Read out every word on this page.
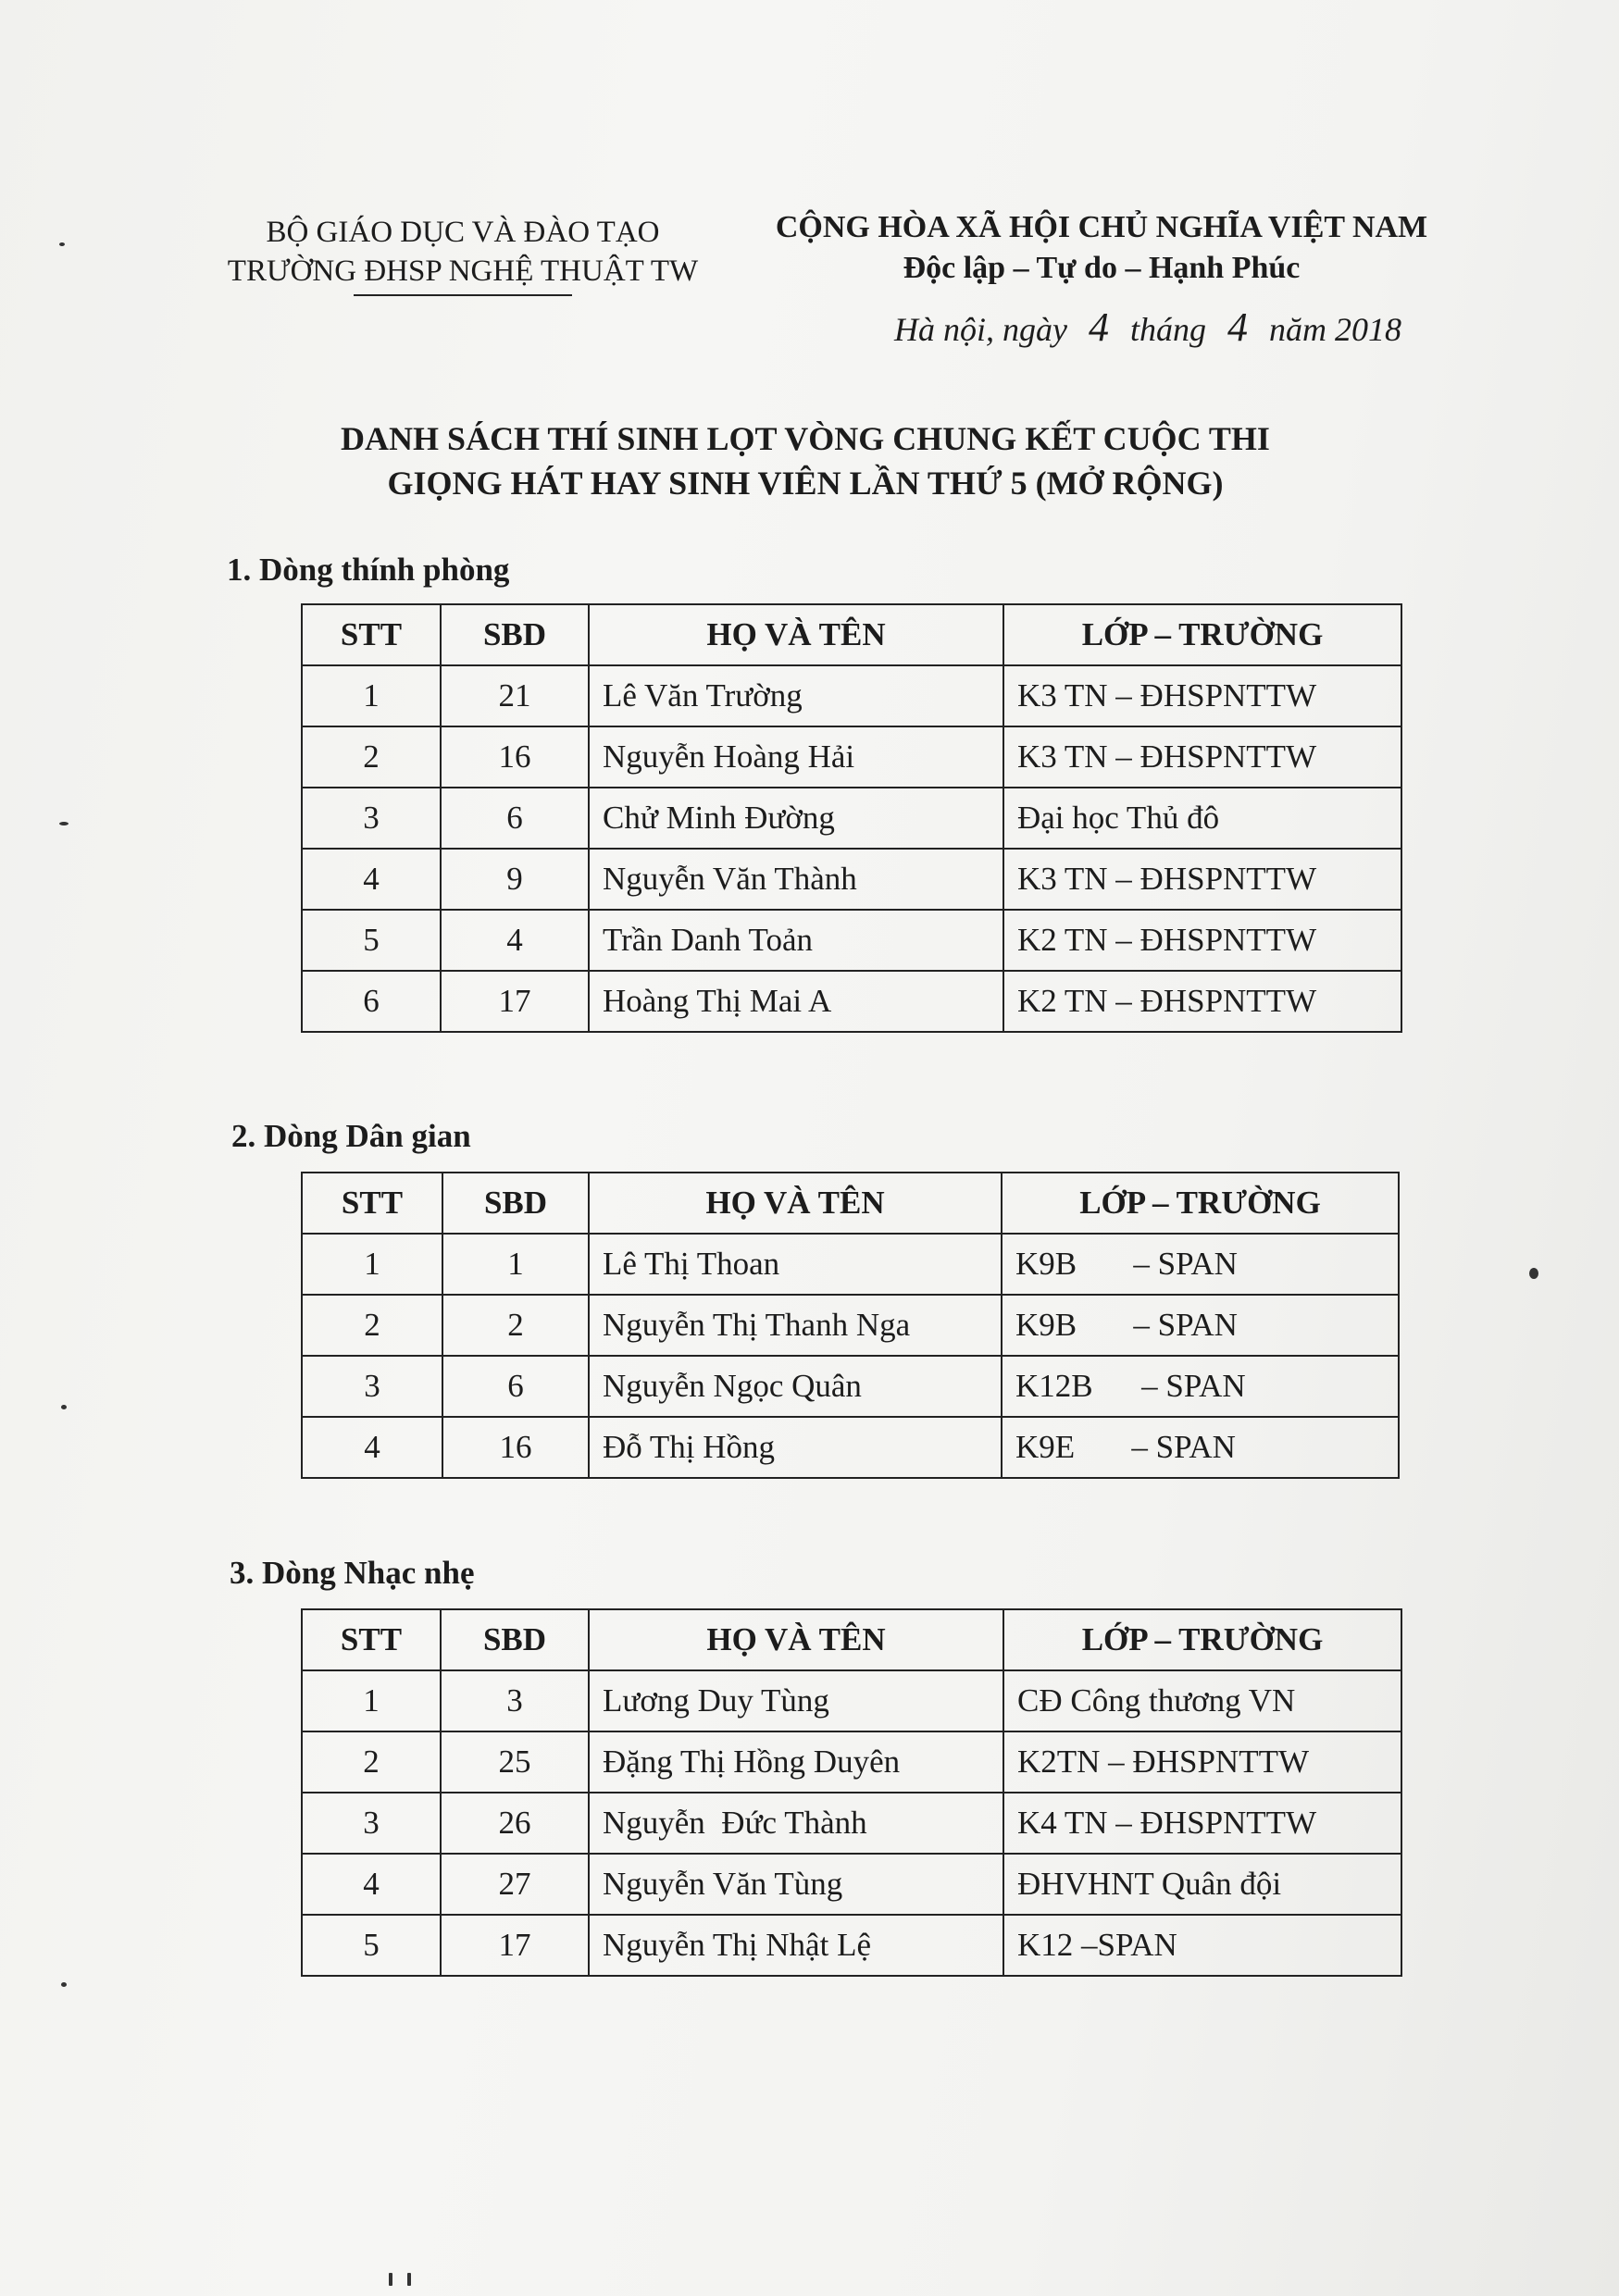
BỘ GIÁO DỤC VÀ ĐÀO TẠO
TRƯỜNG ĐHSP NGHỆ THUẬT TW
CỘNG HÒA XÃ HỘI CHỦ NGHĨA VIỆT NAM
Độc lập – Tự do – Hạnh Phúc
Hà nội, ngày 4 tháng 4 năm 2018
DANH SÁCH THÍ SINH LỌT VÒNG CHUNG KẾT CUỘC THI
GIỌNG HÁT HAY SINH VIÊN LẦN THỨ 5 (MỞ RỘNG)
1. Dòng thính phòng
STT	SBD	HỌ VÀ TÊN	LỚP – TRƯỜNG
1	21	Lê Văn Trường	K3 TN – ĐHSPNTTW
2	16	Nguyễn Hoàng Hải	K3 TN – ĐHSPNTTW
3	6	Chử Minh Đường	Đại học Thủ đô
4	9	Nguyễn Văn Thành	K3 TN – ĐHSPNTTW
5	4	Trần Danh Toản	K2 TN – ĐHSPNTTW
6	17	Hoàng Thị Mai A	K2 TN – ĐHSPNTTW
2. Dòng Dân gian
STT	SBD	HỌ VÀ TÊN	LỚP – TRƯỜNG
1	1	Lê Thị Thoan	K9B       – SPAN
2	2	Nguyễn Thị Thanh Nga	K9B       – SPAN
3	6	Nguyễn Ngọc Quân	K12B      – SPAN
4	16	Đỗ Thị Hồng	K9E       – SPAN
3. Dòng Nhạc nhẹ
STT	SBD	HỌ VÀ TÊN	LỚP – TRƯỜNG
1	3	Lương Duy Tùng	CĐ Công thương VN
2	25	Đặng Thị Hồng Duyên	K2TN – ĐHSPNTTW
3	26	Nguyễn  Đức Thành	K4 TN – ĐHSPNTTW
4	27	Nguyễn Văn Tùng	ĐHVHNT Quân đội
5	17	Nguyễn Thị Nhật Lệ	K12 –SPAN
